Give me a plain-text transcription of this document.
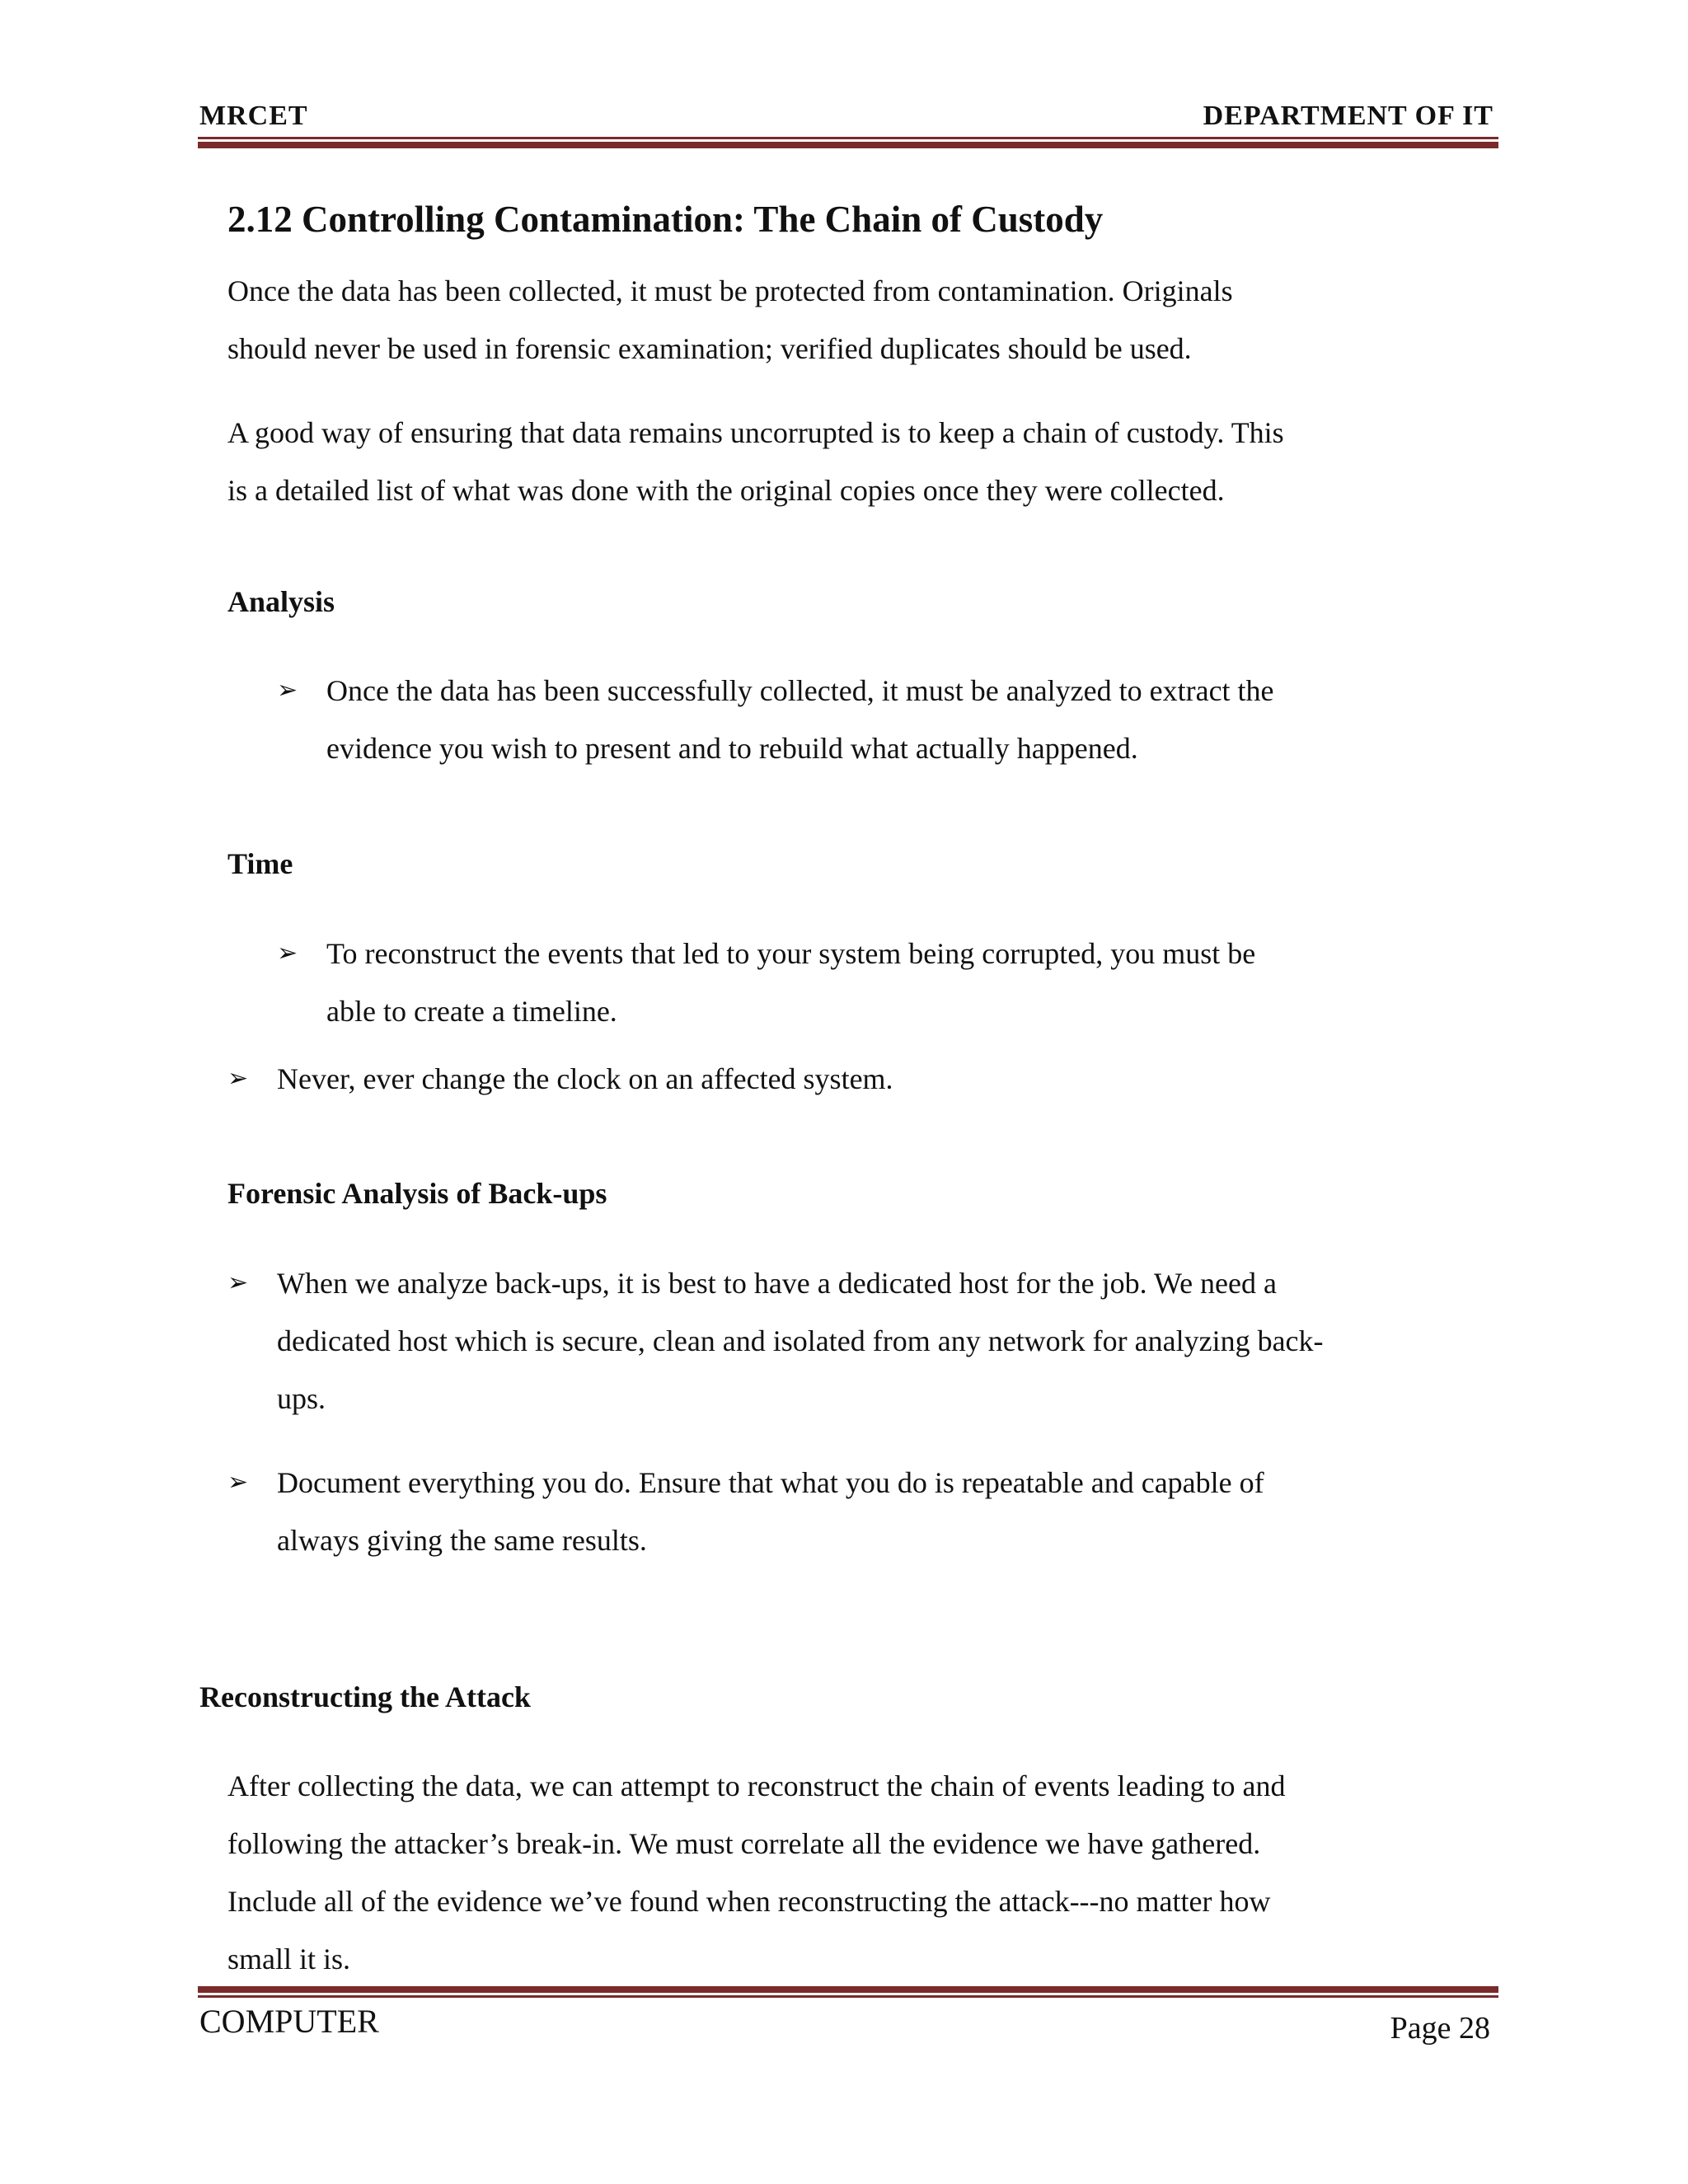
MRCET	DEPARTMENT OF IT
2.12 Controlling Contamination: The Chain of Custody
Once the data has been collected, it must be protected from contamination. Originals
should never be used in forensic examination; verified duplicates should be used.
A good way of ensuring that data remains uncorrupted is to keep a chain of custody. This
is a detailed list of what was done with the original copies once they were collected.
Analysis
➢ Once the data has been successfully collected, it must be analyzed to extract the
evidence you wish to present and to rebuild what actually happened.
Time
➢ To reconstruct the events that led to your system being corrupted, you must be
able to create a timeline.
➢ Never, ever change the clock on an affected system.
Forensic Analysis of Back-ups
➢ When we analyze back-ups, it is best to have a dedicated host for the job. We need a
dedicated host which is secure, clean and isolated from any network for analyzing back-
ups.
➢ Document everything you do. Ensure that what you do is repeatable and capable of
always giving the same results.
Reconstructing the Attack
After collecting the data, we can attempt to reconstruct the chain of events leading to and
following the attacker’s break-in. We must correlate all the evidence we have gathered.
Include all of the evidence we’ve found when reconstructing the attack---no matter how
small it is.
COMPUTER	Page 28
